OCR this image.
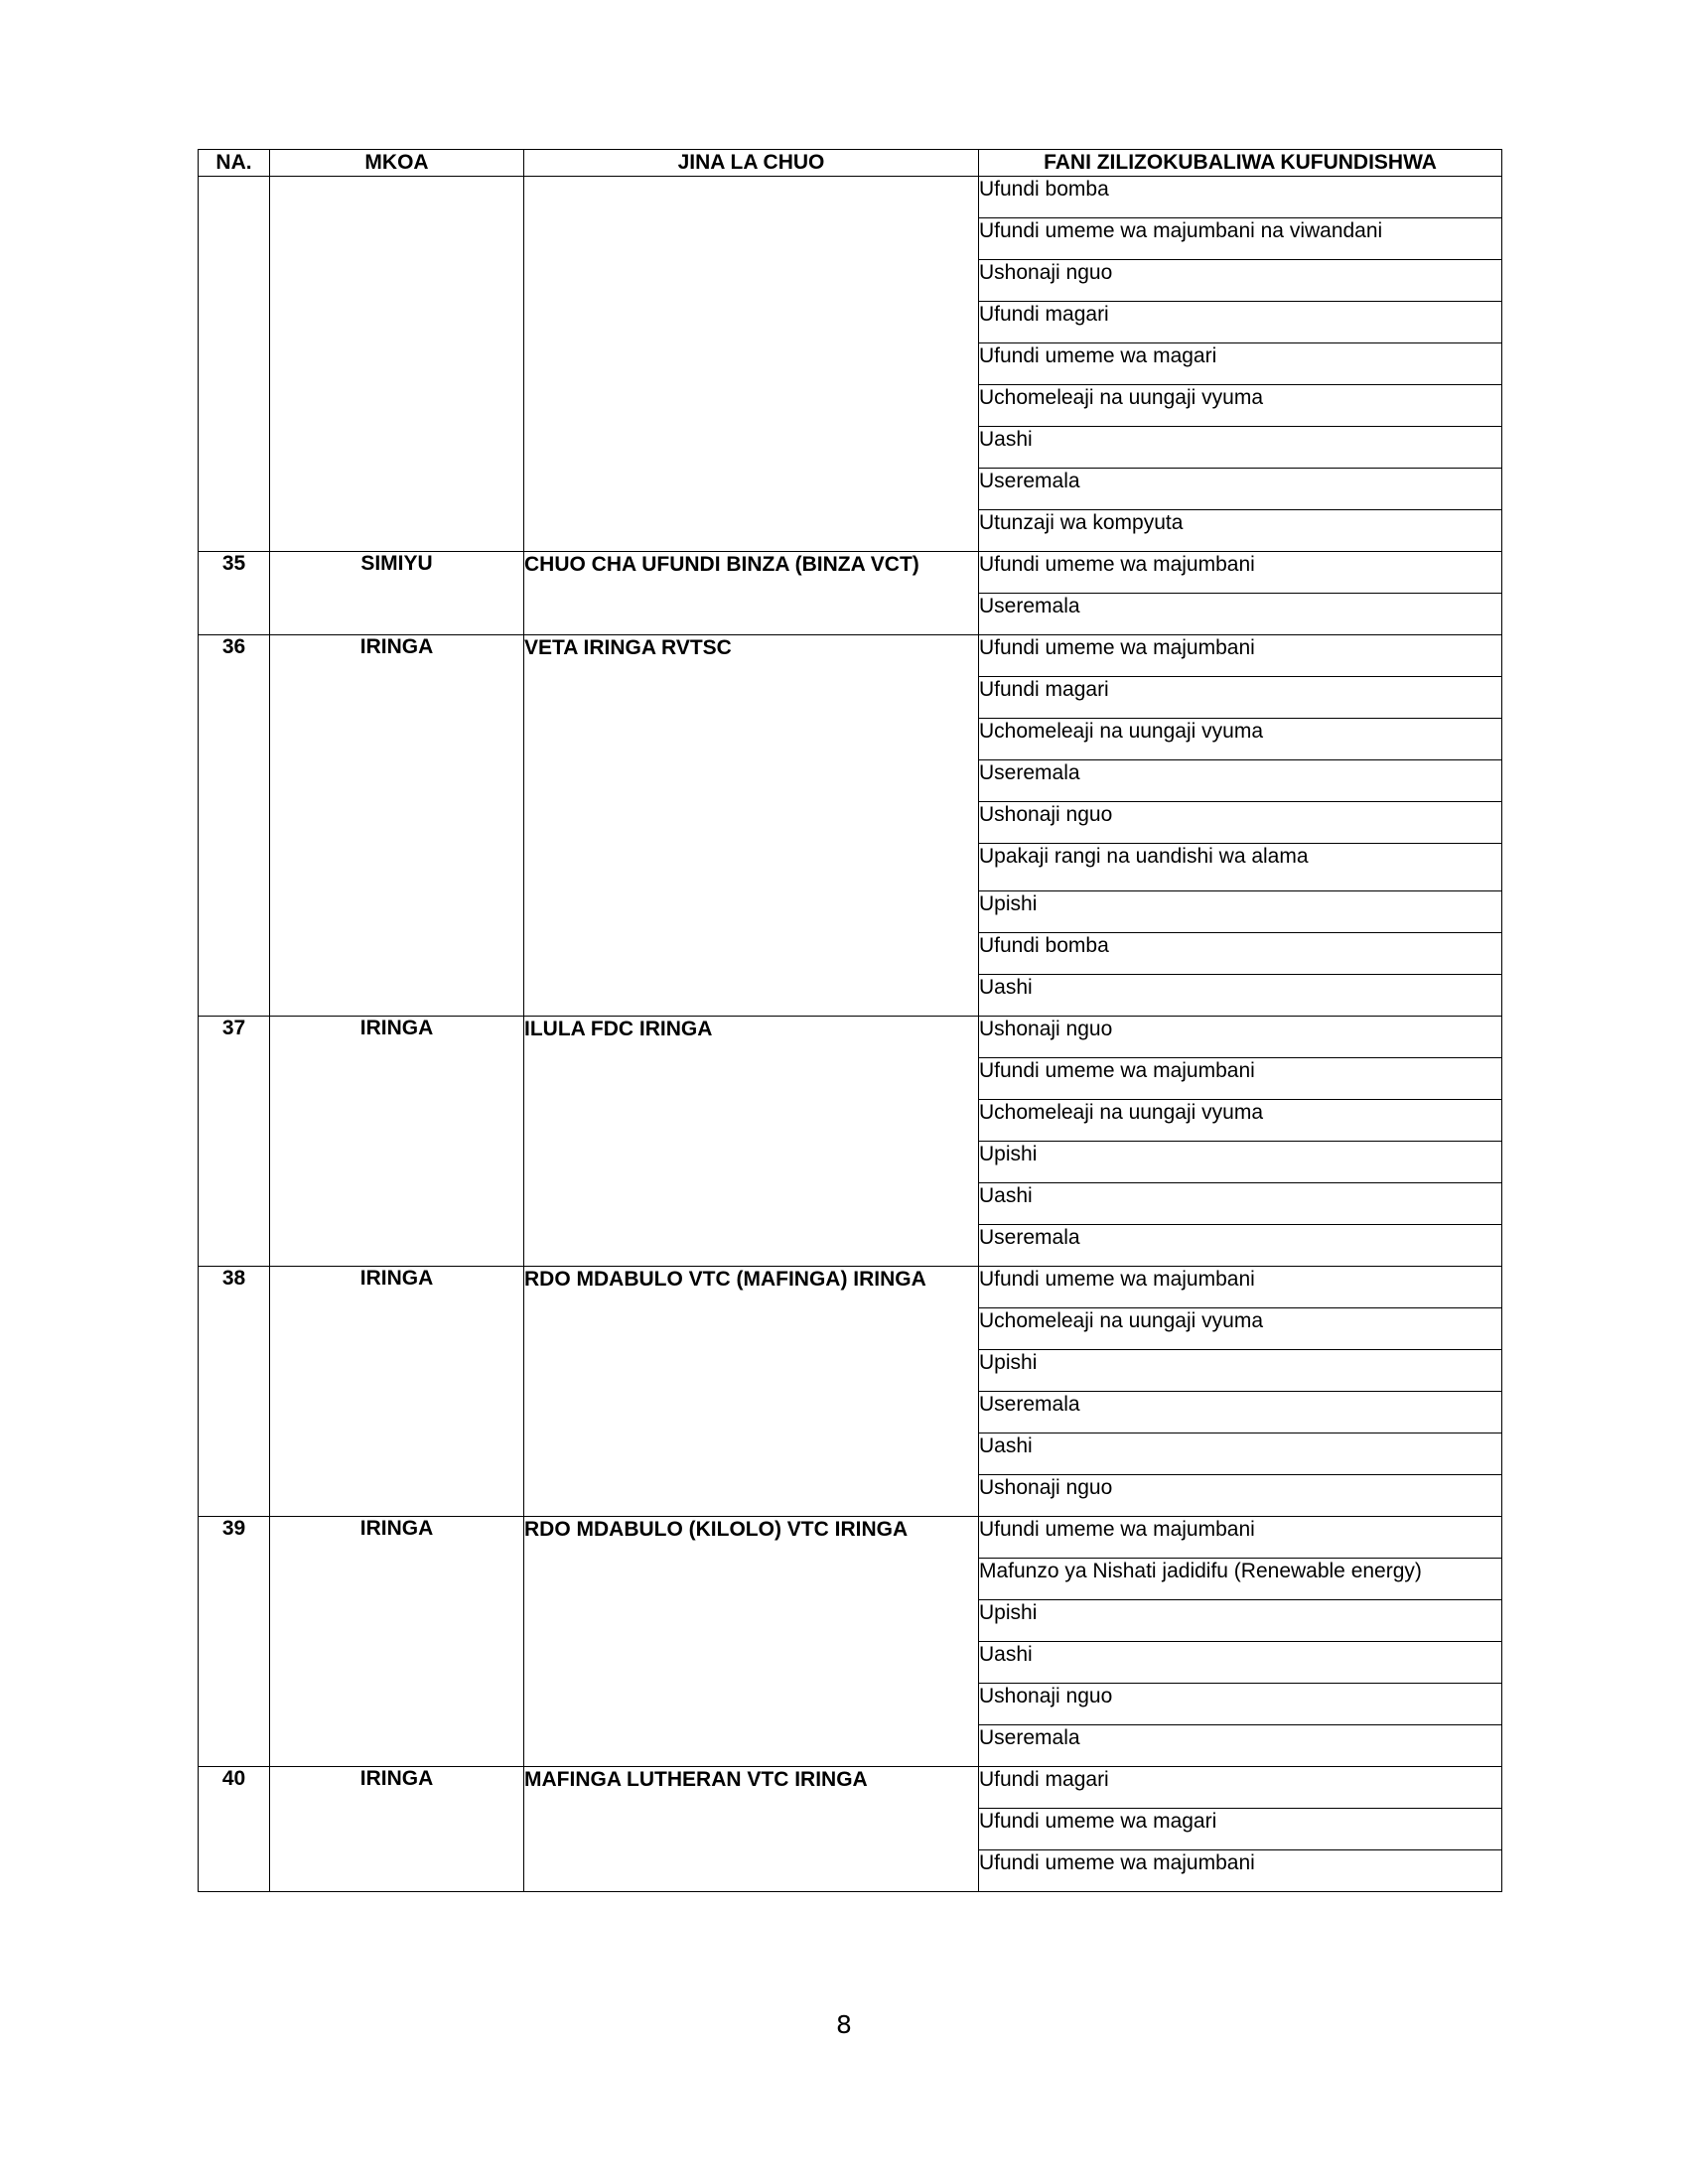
NA.	MKOA	JINA LA CHUO	FANI ZILIZOKUBALIWA KUFUNDISHWA
			Ufundi bomba
			Ufundi umeme wa majumbani na viwandani
			Ushonaji nguo
			Ufundi magari
			Ufundi umeme wa magari
			Uchomeleaji na uungaji vyuma
			Uashi
			Useremala
			Utunzaji wa kompyuta
35	SIMIYU	CHUO CHA UFUNDI BINZA (BINZA VCT)	Ufundi umeme wa majumbani
			Useremala
36	IRINGA	VETA IRINGA RVTSC	Ufundi umeme wa majumbani
			Ufundi magari
			Uchomeleaji na uungaji vyuma
			Useremala
			Ushonaji nguo
			Upakaji rangi na uandishi wa alama
			Upishi
			Ufundi bomba
			Uashi
37	IRINGA	ILULA FDC IRINGA	Ushonaji nguo
			Ufundi umeme wa majumbani
			Uchomeleaji na uungaji vyuma
			Upishi
			Uashi
			Useremala
38	IRINGA	RDO MDABULO VTC (MAFINGA) IRINGA	Ufundi umeme wa majumbani
			Uchomeleaji na uungaji vyuma
			Upishi
			Useremala
			Uashi
			Ushonaji nguo
39	IRINGA	RDO MDABULO (KILOLO) VTC IRINGA	Ufundi umeme wa majumbani
			Mafunzo ya Nishati jadidifu (Renewable energy)
			Upishi
			Uashi
			Ushonaji nguo
			Useremala
40	IRINGA	MAFINGA LUTHERAN VTC IRINGA	Ufundi magari
			Ufundi umeme wa magari
			Ufundi umeme wa majumbani
8
